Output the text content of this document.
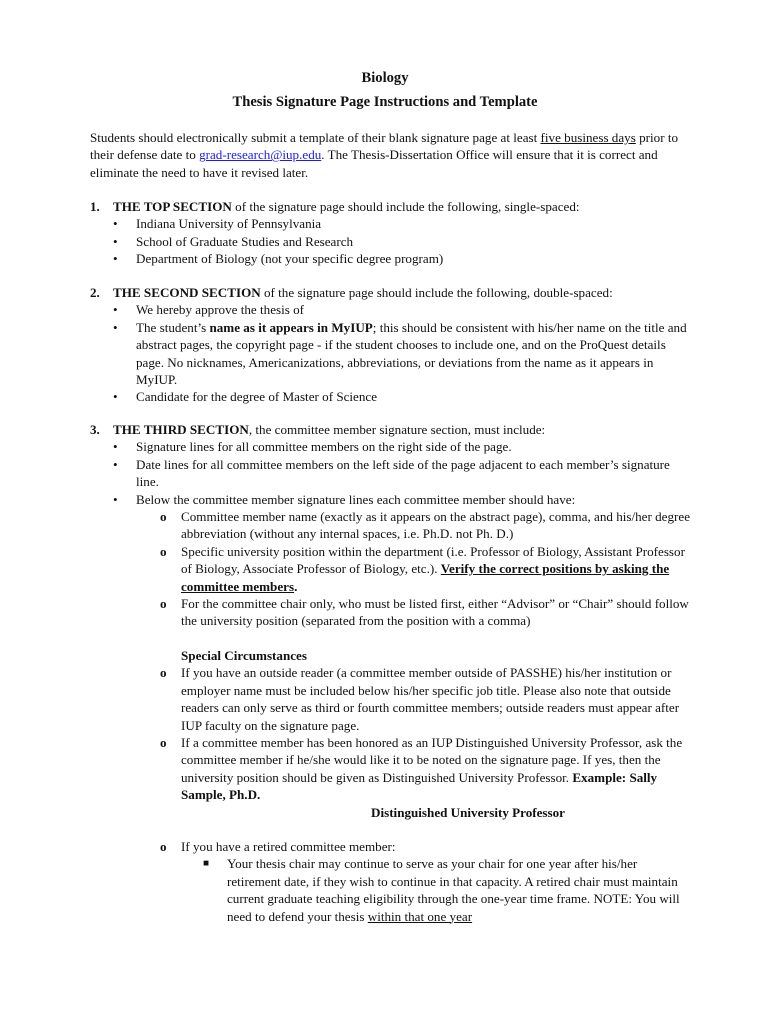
Biology
Thesis Signature Page Instructions and Template
Students should electronically submit a template of their blank signature page at least five business days prior to their defense date to grad-research@iup.edu. The Thesis-Dissertation Office will ensure that it is correct and eliminate the need to have it revised later.
1. THE TOP SECTION of the signature page should include the following, single-spaced:
• Indiana University of Pennsylvania
• School of Graduate Studies and Research
• Department of Biology (not your specific degree program)
2. THE SECOND SECTION of the signature page should include the following, double-spaced:
• We hereby approve the thesis of
• The student’s name as it appears in MyIUP; this should be consistent with his/her name on the title and abstract pages, the copyright page - if the student chooses to include one, and on the ProQuest details page. No nicknames, Americanizations, abbreviations, or deviations from the name as it appears in MyIUP.
• Candidate for the degree of Master of Science
3. THE THIRD SECTION, the committee member signature section, must include:
• Signature lines for all committee members on the right side of the page.
• Date lines for all committee members on the left side of the page adjacent to each member’s signature line.
• Below the committee member signature lines each committee member should have:
o Committee member name (exactly as it appears on the abstract page), comma, and his/her degree abbreviation (without any internal spaces, i.e. Ph.D. not Ph. D.)
o Specific university position within the department (i.e. Professor of Biology, Assistant Professor of Biology, Associate Professor of Biology, etc.). Verify the correct positions by asking the committee members.
o For the committee chair only, who must be listed first, either “Advisor” or “Chair” should follow the university position (separated from the position with a comma)
Special Circumstances
o If you have an outside reader (a committee member outside of PASSHE) his/her institution or employer name must be included below his/her specific job title. Please also note that outside readers can only serve as third or fourth committee members; outside readers must appear after IUP faculty on the signature page.
o If a committee member has been honored as an IUP Distinguished University Professor, ask the committee member if he/she would like it to be noted on the signature page. If yes, then the university position should be given as Distinguished University Professor. Example: Sally Sample, Ph.D.
Distinguished University Professor
o If you have a retired committee member:
■ Your thesis chair may continue to serve as your chair for one year after his/her retirement date, if they wish to continue in that capacity. A retired chair must maintain current graduate teaching eligibility through the one-year time frame. NOTE: You will need to defend your thesis within that one year
